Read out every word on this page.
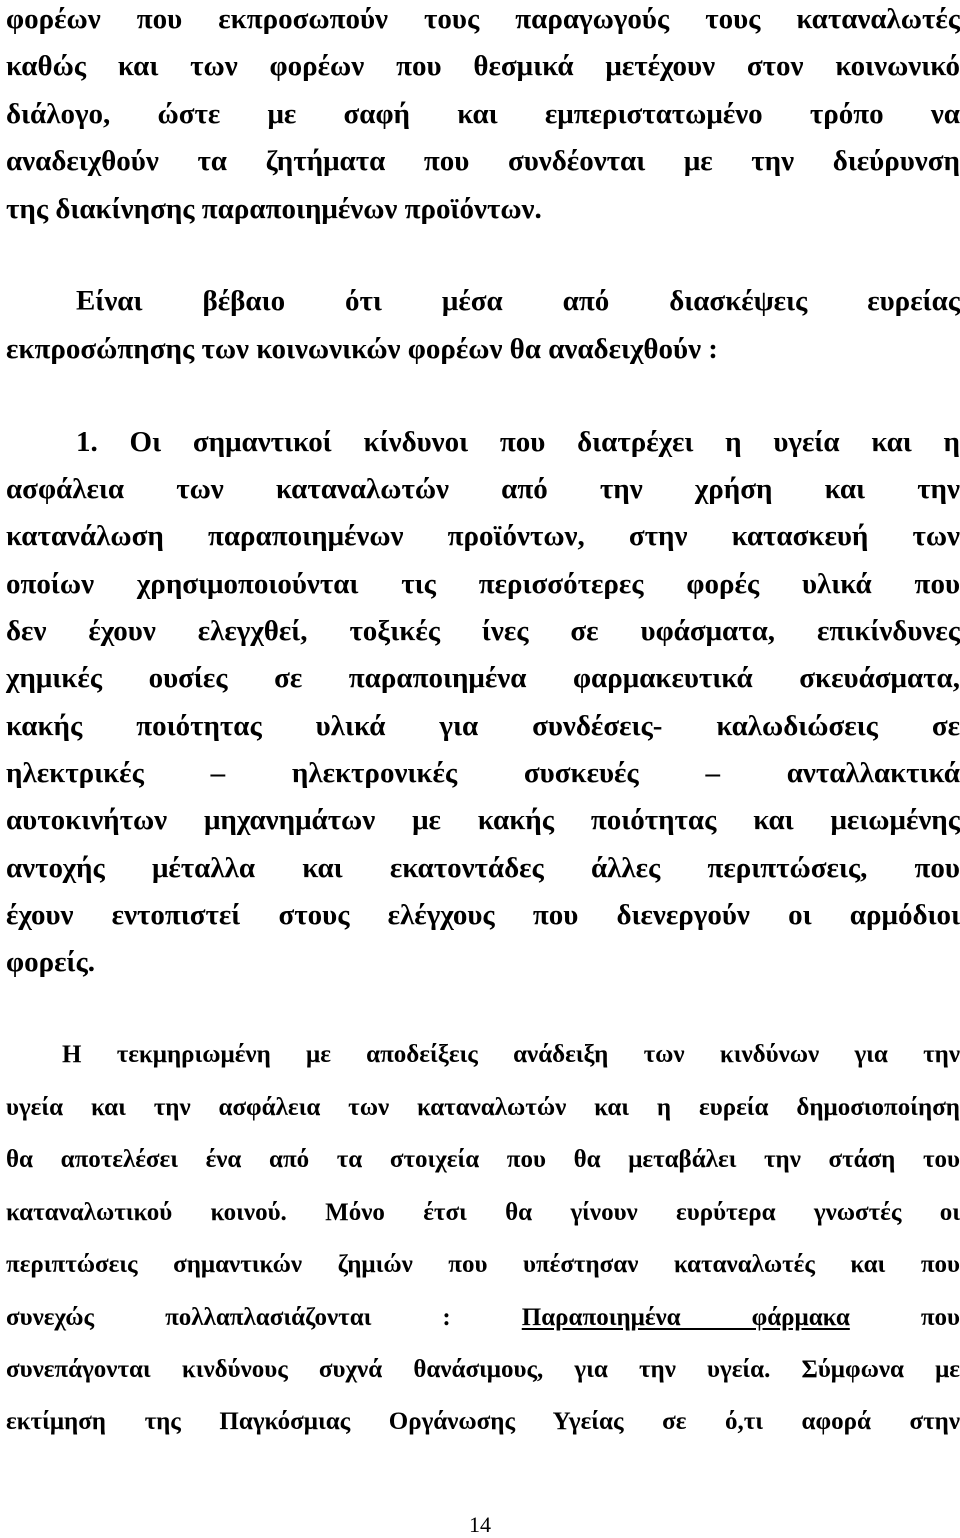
φορέων που εκπροσωπούν τους παραγωγούς τους καταναλωτές
καθώς και των φορέων που θεσμικά μετέχουν στον κοινωνικό
διάλογο, ώστε με σαφή και εμπεριστατωμένο τρόπο να
αναδειχθούν τα ζητήματα που συνδέονται με την διεύρυνση
της διακίνησης παραποιημένων προϊόντων.
Είναι βέβαιο ότι μέσα από διασκέψεις ευρείας
εκπροσώπησης των κοινωνικών φορέων θα αναδειχθούν :
1. Οι σημαντικοί κίνδυνοι που διατρέχει η υγεία και η
ασφάλεια των καταναλωτών από την χρήση και την
κατανάλωση παραποιημένων προϊόντων, στην κατασκευή των
οποίων χρησιμοποιούνται τις περισσότερες φορές υλικά που
δεν έχουν ελεγχθεί, τοξικές ίνες σε υφάσματα, επικίνδυνες
χημικές ουσίες σε παραποιημένα φαρμακευτικά σκευάσματα,
κακής ποιότητας υλικά για συνδέσεις- καλωδιώσεις σε
ηλεκτρικές – ηλεκτρονικές συσκευές – ανταλλακτικά
αυτοκινήτων μηχανημάτων με κακής ποιότητας και μειωμένης
αντοχής μέταλλα και εκατοντάδες άλλες περιπτώσεις, που
έχουν εντοπιστεί στους ελέγχους που διενεργούν οι αρμόδιοι
φορείς.
Η τεκμηριωμένη με αποδείξεις ανάδειξη των κινδύνων για την
υγεία και την ασφάλεια των καταναλωτών και η ευρεία δημοσιοποίηση
θα αποτελέσει ένα από τα στοιχεία που θα μεταβάλει την στάση του
καταναλωτικού κοινού. Μόνο έτσι θα γίνουν ευρύτερα γνωστές οι
περιπτώσεις σημαντικών ζημιών που υπέστησαν καταναλωτές και που
συνεχώς πολλαπλασιάζονται :	Παραποιημένα φάρμακα	που
συνεπάγονται κινδύνους συχνά θανάσιμους, για την υγεία. Σύμφωνα με
εκτίμηση της Παγκόσμιας Οργάνωσης Υγείας σε ό,τι αφορά στην
14
